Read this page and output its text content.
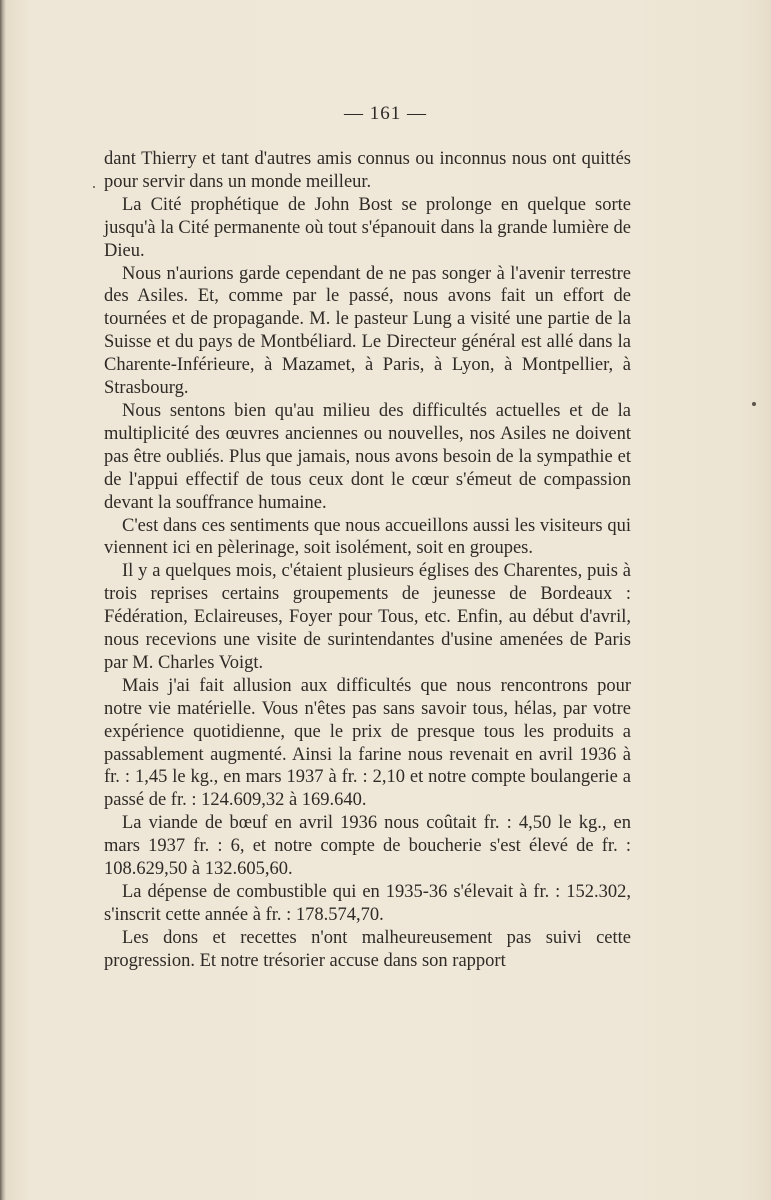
— 161 —

dant Thierry et tant d'autres amis connus ou inconnus nous ont quittés pour servir dans un monde meilleur.

La Cité prophétique de John Bost se prolonge en quelque sorte jusqu'à la Cité permanente où tout s'épanouit dans la grande lumière de Dieu.

Nous n'aurions garde cependant de ne pas songer à l'avenir terrestre des Asiles. Et, comme par le passé, nous avons fait un effort de tournées et de propagande. M. le pasteur Lung a visité une partie de la Suisse et du pays de Montbéliard. Le Directeur général est allé dans la Charente-Inférieure, à Mazamet, à Paris, à Lyon, à Montpellier, à Strasbourg.

Nous sentons bien qu'au milieu des difficultés actuelles et de la multiplicité des œuvres anciennes ou nouvelles, nos Asiles ne doivent pas être oubliés. Plus que jamais, nous avons besoin de la sympathie et de l'appui effectif de tous ceux dont le cœur s'émeut de compassion devant la souffrance humaine.

C'est dans ces sentiments que nous accueillons aussi les visiteurs qui viennent ici en pèlerinage, soit isolément, soit en groupes.

Il y a quelques mois, c'étaient plusieurs églises des Charentes, puis à trois reprises certains groupements de jeunesse de Bordeaux : Fédération, Eclaireuses, Foyer pour Tous, etc. Enfin, au début d'avril, nous recevions une visite de surintendantes d'usine amenées de Paris par M. Charles Voigt.

Mais j'ai fait allusion aux difficultés que nous rencontrons pour notre vie matérielle. Vous n'êtes pas sans savoir tous, hélas, par votre expérience quotidienne, que le prix de presque tous les produits a passablement augmenté. Ainsi la farine nous revenait en avril 1936 à fr. : 1,45 le kg., en mars 1937 à fr. : 2,10 et notre compte boulangerie a passé de fr. : 124.609,32 à 169.640.

La viande de bœuf en avril 1936 nous coûtait fr. : 4,50 le kg., en mars 1937 fr. : 6, et notre compte de boucherie s'est élevé de fr. : 108.629,50 à 132.605,60.

La dépense de combustible qui en 1935-36 s'élevait à fr. : 152.302, s'inscrit cette année à fr. : 178.574,70.

Les dons et recettes n'ont malheureusement pas suivi cette progression. Et notre trésorier accuse dans son rapport
